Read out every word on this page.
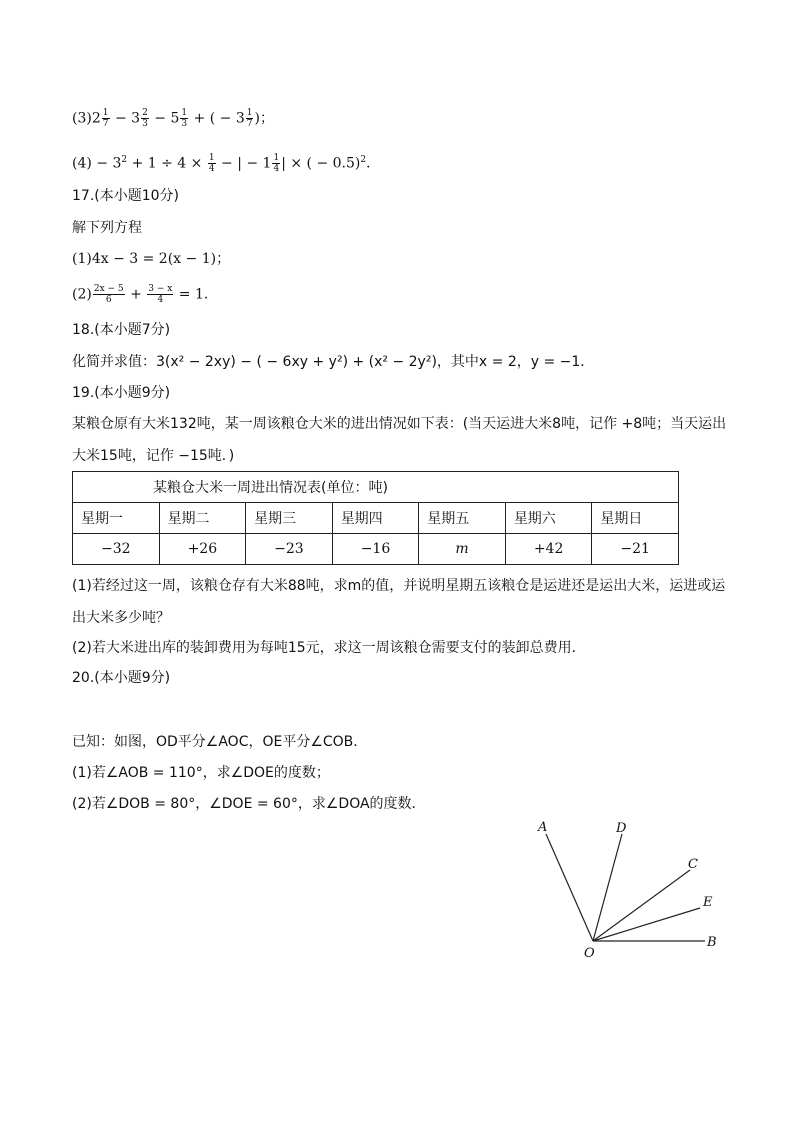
$(3)2 \frac{1}{7} - 3 \frac{2}{3} - 5 \frac{1}{3}$ + ( − $3 \frac{1}{7}$ )；
$(4) - 3^2 + 1 \div 4 \times \frac{1}{4}$ − | − $1 \frac{1}{4}$ | × ( − 0.5)$^2$．
17.(本小题10分)
解下列方程
(1)4x − 3 = 2(x − 1)；
$(2) \frac{2x - 5}{6} + \frac{3 - x}{4} = 1$．
18.(本小题7分)
化简并求值：3(x² − 2xy) − ( − 6xy + y²) + (x² − 2y²)，其中x = 2，y = −1．
19.(本小题9分)
某粮仓原有大米132吨，某一周该粮仓大米的进出情况如下表：(当天运进大米8吨，记作 +8吨；当天运出
大米15吨，记作 −15吨．)
某粮仓大米一周进出情况表(单位：吨)						
星期一	星期二	星期三	星期四	星期五	星期六	星期日
−32	+26	−23	−16	m	+42	−21
(1)若经过这一周，该粮仓存有大米88吨，求m的值，并说明星期五该粮仓是运进还是运出大米，运进或运
出大米多少吨？
(2)若大米进出库的装卸费用为每吨15元，求这一周该粮仓需要支付的装卸总费用．
20.(本小题9分)
已知：如图，OD平分∠AOC，OE平分∠COB．
(1)若∠AOB = 110°，求∠DOE的度数；
(2)若∠DOB = 80°，∠DOE = 60°，求∠DOA的度数．
A	D
C
E
B
O
